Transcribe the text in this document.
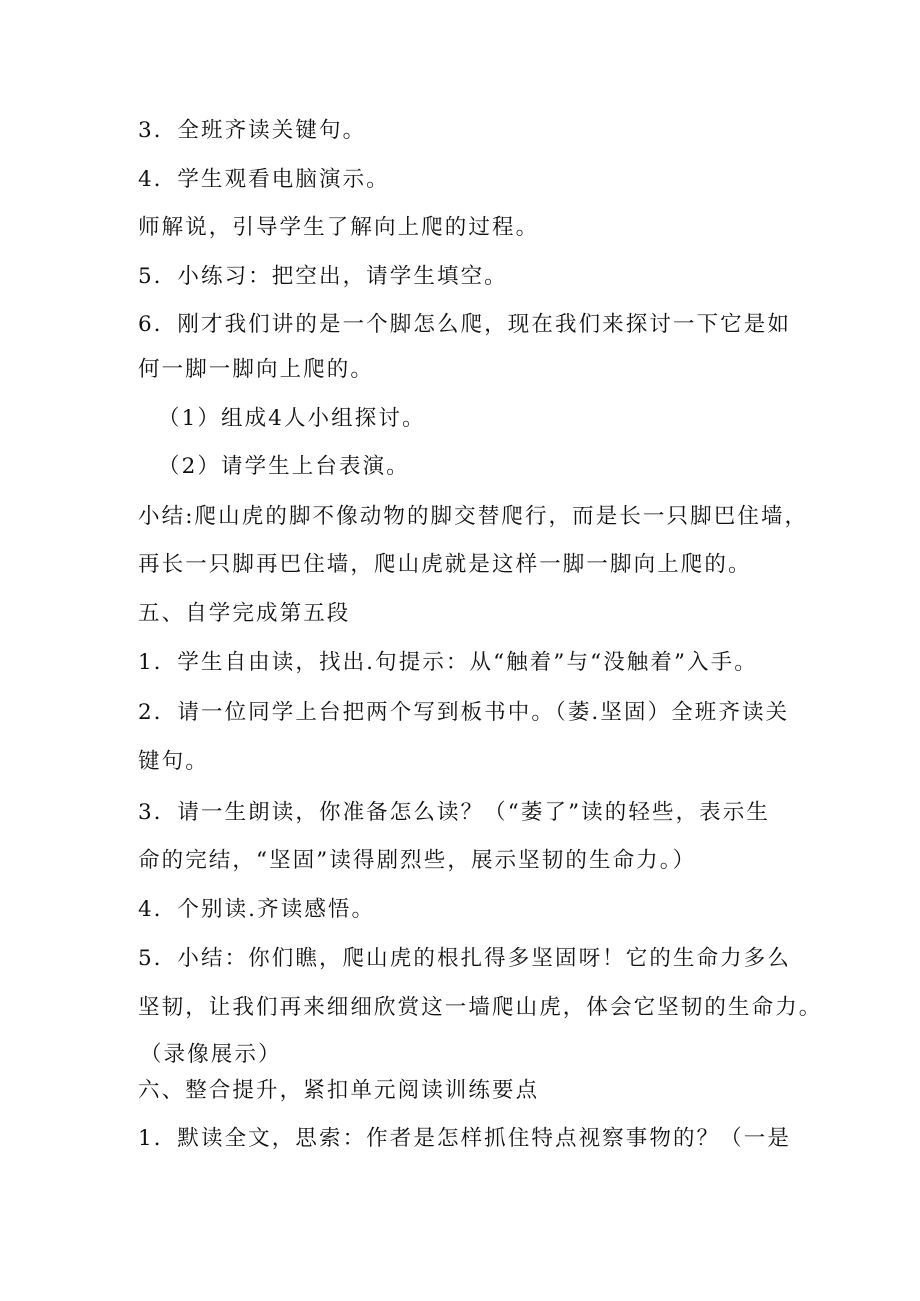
3．全班齐读关键句。
4．学生观看电脑演示。
师解说，引导学生了解向上爬的过程。
5．小练习：把空出，请学生填空。
6．刚才我们讲的是一个脚怎么爬，现在我们来探讨一下它是如
何一脚一脚向上爬的。
（1）组成4人小组探讨。
（2）请学生上台表演。
小结:爬山虎的脚不像动物的脚交替爬行，而是长一只脚巴住墙，
再长一只脚再巴住墙，爬山虎就是这样一脚一脚向上爬的。
五、自学完成第五段
1．学生自由读，找出.句提示：从“触着”与“没触着”入手。
2．请一位同学上台把两个写到板书中。（萎.坚固）全班齐读关
键句。
3．请一生朗读，你准备怎么读？（“萎了”读的轻些，表示生
命的完结，“坚固”读得剧烈些，展示坚韧的生命力。）
4．个别读.齐读感悟。
5．小结：你们瞧，爬山虎的根扎得多坚固呀！它的生命力多么
坚韧，让我们再来细细欣赏这一墙爬山虎，体会它坚韧的生命力。
（录像展示）
六、整合提升，紧扣单元阅读训练要点
1．默读全文，思索：作者是怎样抓住特点视察事物的？（一是
